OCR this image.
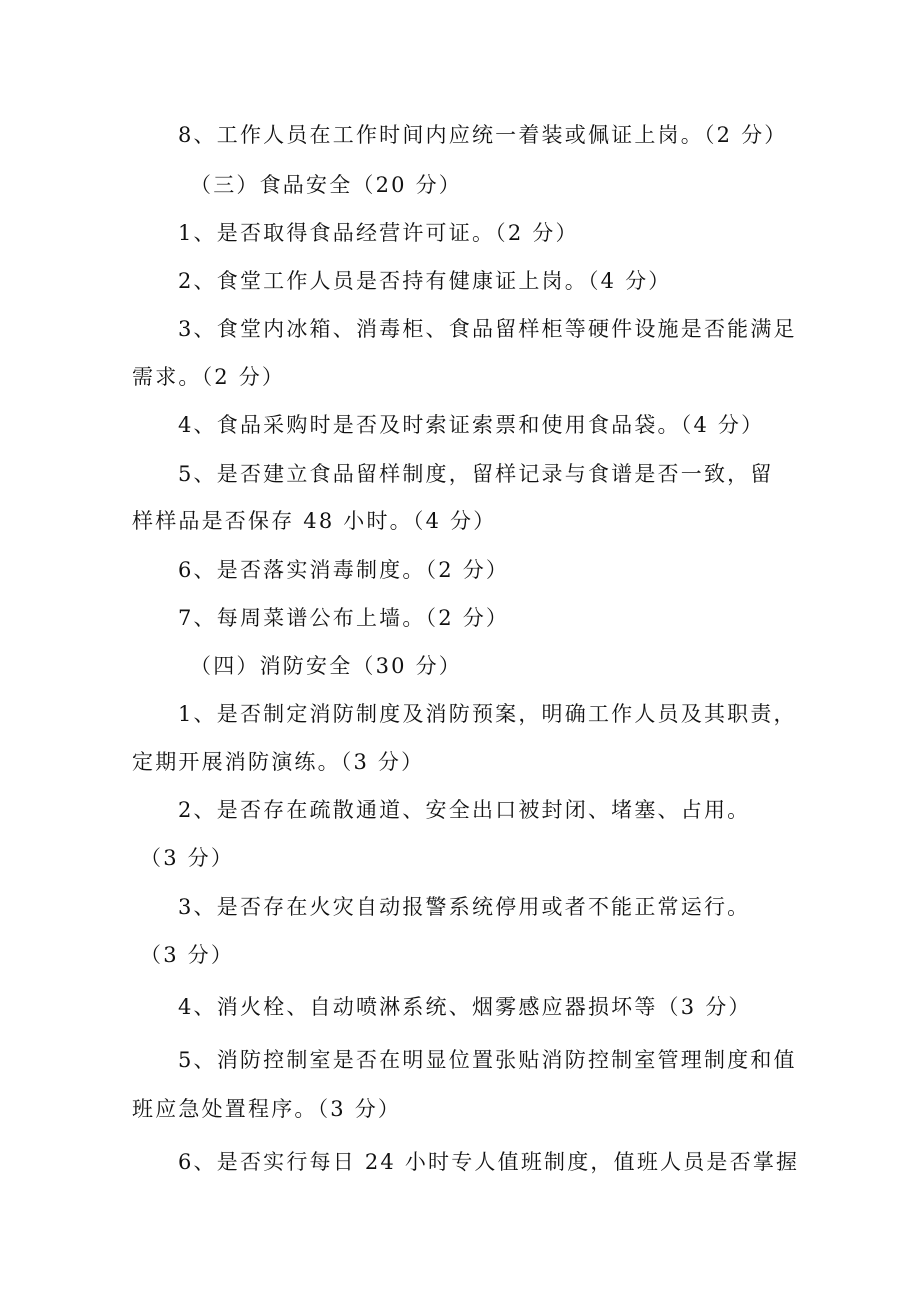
8、工作人员在工作时间内应统一着装或佩证上岗。（2 分）
（三）食品安全（20 分）
1、是否取得食品经营许可证。（2 分）
2、食堂工作人员是否持有健康证上岗。（4 分）
3、食堂内冰箱、消毒柜、食品留样柜等硬件设施是否能满足
需求。（2 分）
4、食品采购时是否及时索证索票和使用食品袋。（4 分）
5、是否建立食品留样制度，留样记录与食谱是否一致，留
样样品是否保存 48 小时。（4 分）
6、是否落实消毒制度。（2 分）
7、每周菜谱公布上墙。（2 分）
（四）消防安全（30 分）
1、是否制定消防制度及消防预案，明确工作人员及其职责，
定期开展消防演练。（3 分）
2、是否存在疏散通道、安全出口被封闭、堵塞、占用。
（3 分）
3、是否存在火灾自动报警系统停用或者不能正常运行。
（3 分）
4、消火栓、自动喷淋系统、烟雾感应器损坏等（3 分）
5、消防控制室是否在明显位置张贴消防控制室管理制度和值
班应急处置程序。（3 分）
6、是否实行每日 24 小时专人值班制度，值班人员是否掌握
